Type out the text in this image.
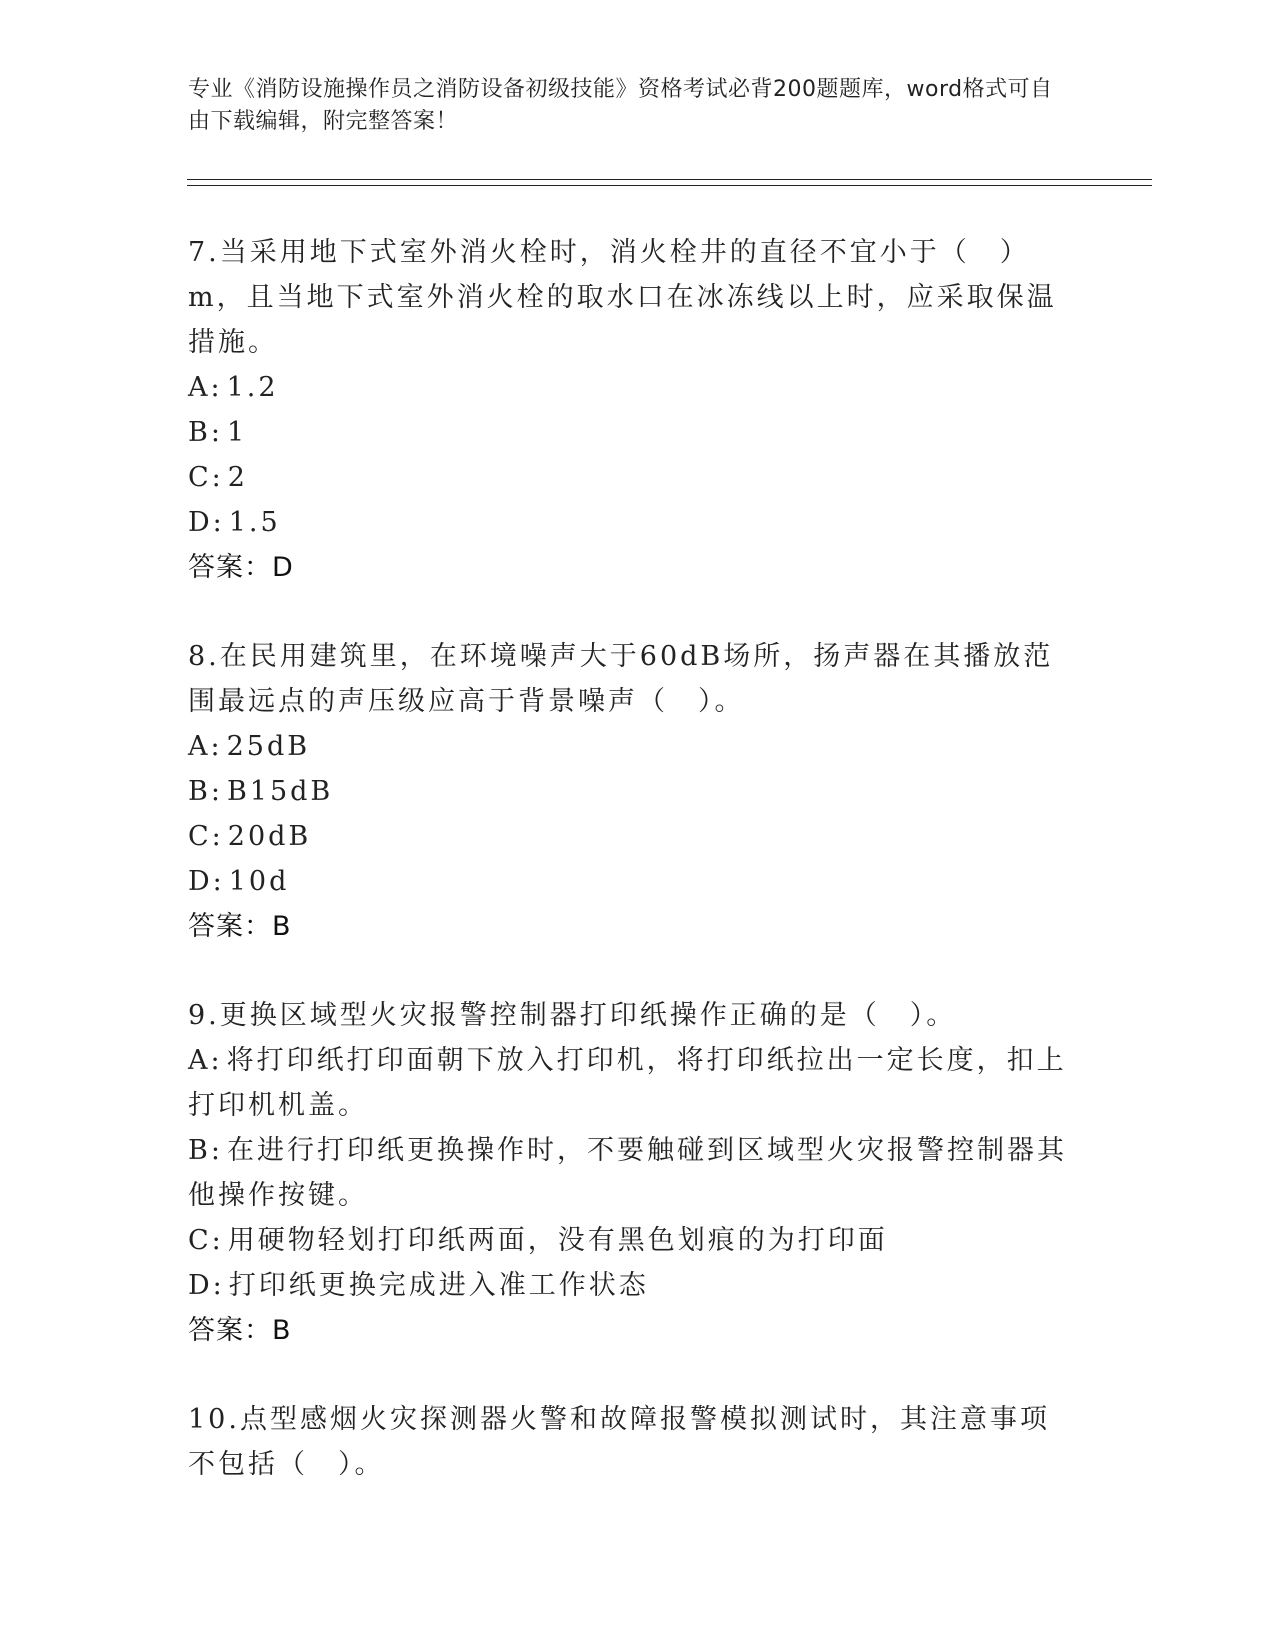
专业《消防设施操作员之消防设备初级技能》资格考试必背200题题库，word格式可自由下载编辑，附完整答案！
7.当采用地下式室外消火栓时，消火栓井的直径不宜小于（　）m，且当地下式室外消火栓的取水口在冰冻线以上时，应采取保温措施。
A: 1.2
B: 1
C: 2
D: 1.5
答案：D
8.在民用建筑里，在环境噪声大于60dB场所，扬声器在其播放范围最远点的声压级应高于背景噪声（　）。
A: 25dB
B: B15dB
C: 20dB
D: 10d
答案：B
9.更换区域型火灾报警控制器打印纸操作正确的是（　）。
A: 将打印纸打印面朝下放入打印机，将打印纸拉出一定长度，扣上打印机机盖。
B: 在进行打印纸更换操作时，不要触碰到区域型火灾报警控制器其他操作按键。
C: 用硬物轻划打印纸两面，没有黑色划痕的为打印面
D: 打印纸更换完成进入准工作状态
答案：B
10.点型感烟火灾探测器火警和故障报警模拟测试时，其注意事项不包括（　）。
